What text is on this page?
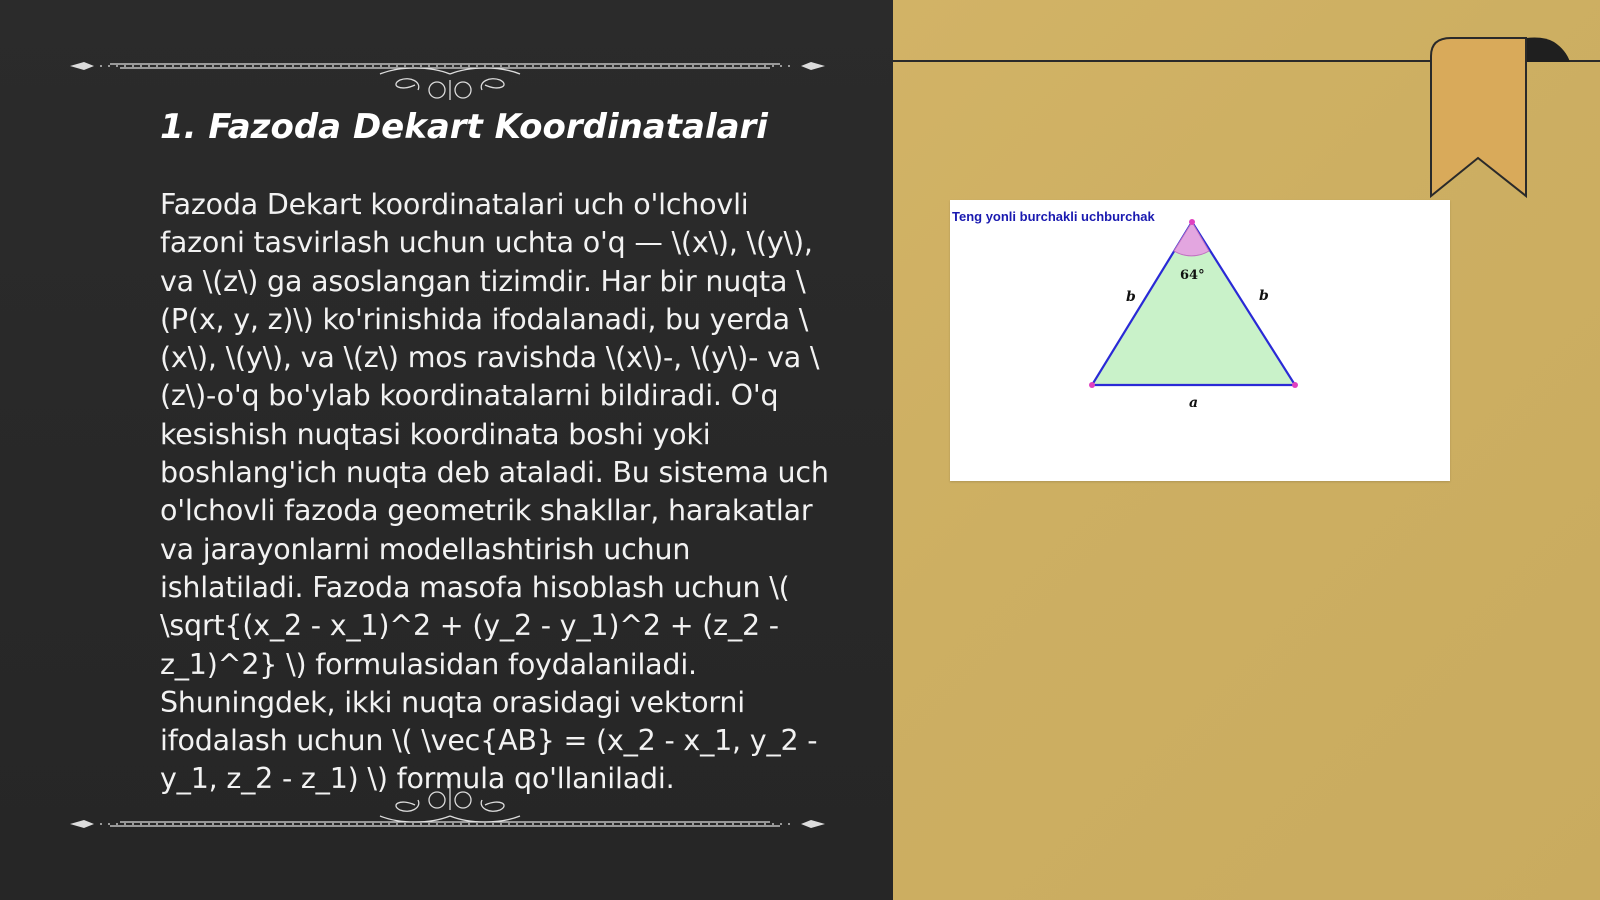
1. Fazoda Dekart Koordinatalari

Fazoda Dekart koordinatalari uch o'lchovli fazoni tasvirlash uchun uchta o'q — \(x\), \(y\), va \(z\) ga asoslangan tizimdir. Har bir nuqta \(P(x, y, z)\) ko'rinishida ifodalanadi, bu yerda \(x\), \(y\), va \(z\) mos ravishda \(x\)-, \(y\)- va \(z\)-o'q bo'ylab koordinatalarni bildiradi. O'q kesishish nuqtasi koordinata boshi yoki boshlang'ich nuqta deb ataladi. Bu sistema uch o'lchovli fazoda geometrik shakllar, harakatlar va jarayonlarni modellashtirish uchun ishlatiladi. Fazoda masofa hisoblash uchun \( \sqrt{(x_2 - x_1)^2 + (y_2 - y_1)^2 + (z_2 - z_1)^2} \) formulasidan foydalaniladi. Shuningdek, ikki nuqta orasidagi vektorni ifodalash uchun \( \vec{AB} = (x_2 - x_1, y_2 - y_1, z_2 - z_1) \) formula qo'llaniladi.

Teng yonli burchakli uchburchak

64°
b	b
a
